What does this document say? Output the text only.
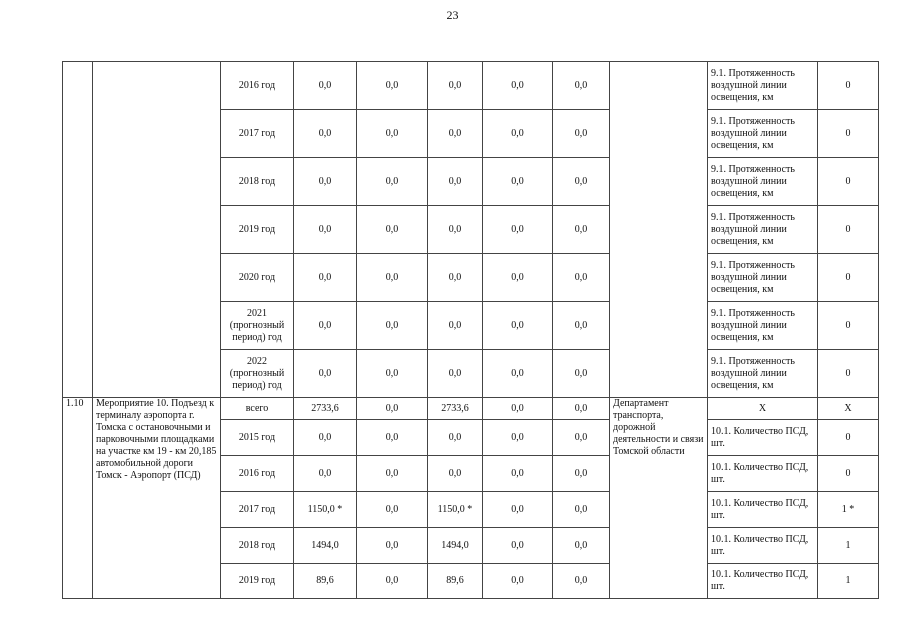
23
		2016 год	0,0	0,0	0,0	0,0	0,0		9.1. Протяженность воздушной линии освещения, км	0
		2017 год	0,0	0,0	0,0	0,0	0,0		9.1. Протяженность воздушной линии освещения, км	0
		2018 год	0,0	0,0	0,0	0,0	0,0		9.1. Протяженность воздушной линии освещения, км	0
		2019 год	0,0	0,0	0,0	0,0	0,0		9.1. Протяженность воздушной линии освещения, км	0
		2020 год	0,0	0,0	0,0	0,0	0,0		9.1. Протяженность воздушной линии освещения, км	0
		2021 (прогнозный период) год	0,0	0,0	0,0	0,0	0,0		9.1. Протяженность воздушной линии освещения, км	0
		2022 (прогнозный период) год	0,0	0,0	0,0	0,0	0,0		9.1. Протяженность воздушной линии освещения, км	0
1.10	Мероприятие 10. Подъезд к терминалу аэропорта г. Томска с остановочными и парковочными площадками на участке км 19 - км 20,185 автомобильной дороги Томск - Аэропорт (ПСД)	всего	2733,6	0,0	2733,6	0,0	0,0	Департамент транспорта, дорожной деятельности и связи Томской области	X	X
		2015 год	0,0	0,0	0,0	0,0	0,0		10.1. Количество ПСД, шт.	0
		2016 год	0,0	0,0	0,0	0,0	0,0		10.1. Количество ПСД, шт.	0
		2017 год	1150,0 *	0,0	1150,0 *	0,0	0,0		10.1. Количество ПСД, шт.	1 *
		2018 год	1494,0	0,0	1494,0	0,0	0,0		10.1. Количество ПСД, шт.	1
		2019 год	89,6	0,0	89,6	0,0	0,0		10.1. Количество ПСД, шт.	1
